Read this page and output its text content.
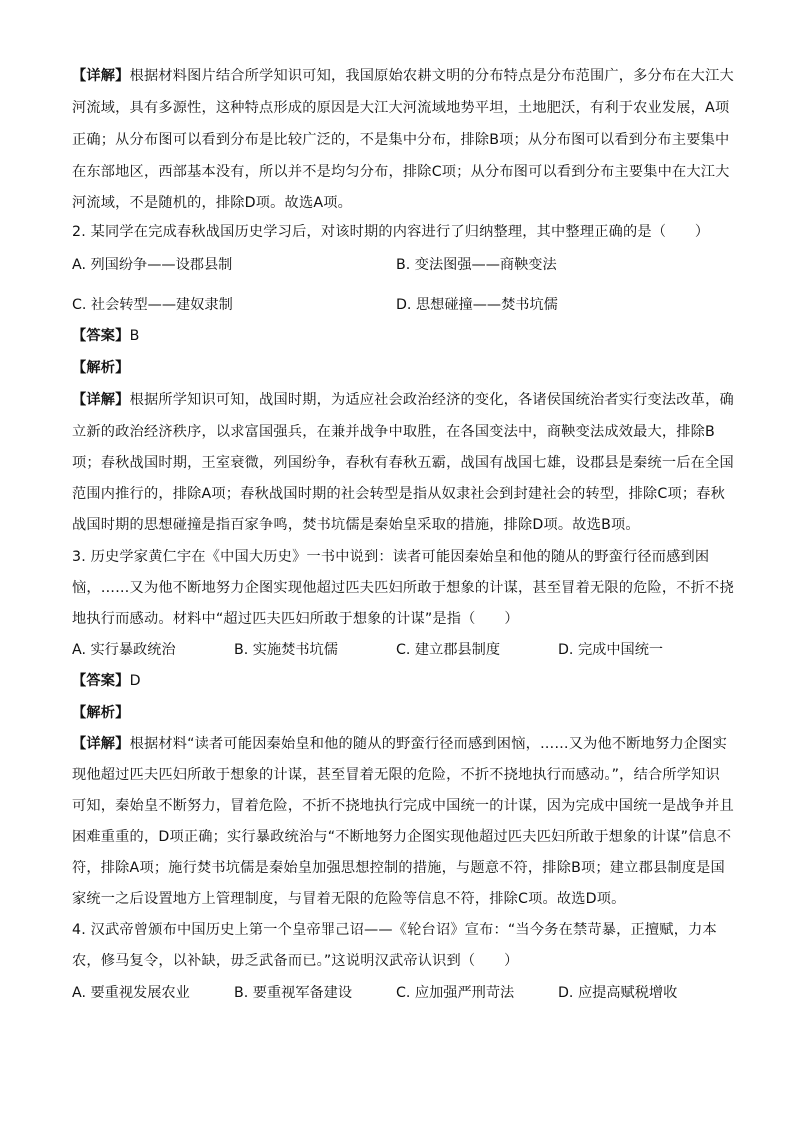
【详解】根据材料图片结合所学知识可知，我国原始农耕文明的分布特点是分布范围广，多分布在大江大
河流域，具有多源性，这种特点形成的原因是大江大河流域地势平坦，土地肥沃，有利于农业发展，A项
正确；从分布图可以看到分布是比较广泛的，不是集中分布，排除B项；从分布图可以看到分布主要集中
在东部地区，西部基本没有，所以并不是均匀分布，排除C项；从分布图可以看到分布主要集中在大江大
河流域，不是随机的，排除D项。故选A项。
2. 某同学在完成春秋战国历史学习后，对该时期的内容进行了归纳整理，其中整理正确的是（　　）
A. 列国纷争——设郡县制	B. 变法图强——商鞅变法
C. 社会转型——建奴隶制	D. 思想碰撞——焚书坑儒
【答案】B
【解析】
【详解】根据所学知识可知，战国时期，为适应社会政治经济的变化，各诸侯国统治者实行变法改革，确
立新的政治经济秩序，以求富国强兵，在兼并战争中取胜，在各国变法中，商鞅变法成效最大，排除B
项；春秋战国时期，王室衰微，列国纷争，春秋有春秋五霸，战国有战国七雄，设郡县是秦统一后在全国
范围内推行的，排除A项；春秋战国时期的社会转型是指从奴隶社会到封建社会的转型，排除C项；春秋
战国时期的思想碰撞是指百家争鸣，焚书坑儒是秦始皇采取的措施，排除D项。故选B项。
3. 历史学家黄仁宇在《中国大历史》一书中说到：读者可能因秦始皇和他的随从的野蛮行径而感到困
恼，……又为他不断地努力企图实现他超过匹夫匹妇所敢于想象的计谋，甚至冒着无限的危险，不折不挠
地执行而感动。材料中“超过匹夫匹妇所敢于想象的计谋”是指（　　）
A. 实行暴政统治	B. 实施焚书坑儒	C. 建立郡县制度	D. 完成中国统一
【答案】D
【解析】
【详解】根据材料“读者可能因秦始皇和他的随从的野蛮行径而感到困恼，……又为他不断地努力企图实
现他超过匹夫匹妇所敢于想象的计谋，甚至冒着无限的危险，不折不挠地执行而感动。”，结合所学知识
可知，秦始皇不断努力，冒着危险，不折不挠地执行完成中国统一的计谋，因为完成中国统一是战争并且
困难重重的，D项正确；实行暴政统治与“不断地努力企图实现他超过匹夫匹妇所敢于想象的计谋”信息不
符，排除A项；施行焚书坑儒是秦始皇加强思想控制的措施，与题意不符，排除B项；建立郡县制度是国
家统一之后设置地方上管理制度，与冒着无限的危险等信息不符，排除C项。故选D项。
4. 汉武帝曾颁布中国历史上第一个皇帝罪己诏——《轮台诏》宣布：“当今务在禁苛暴，正擅赋，力本
农，修马复令，以补缺，毋乏武备而已。”这说明汉武帝认识到（　　）
A. 要重视发展农业	B. 要重视军备建设	C. 应加强严刑苛法	D. 应提高赋税增收
